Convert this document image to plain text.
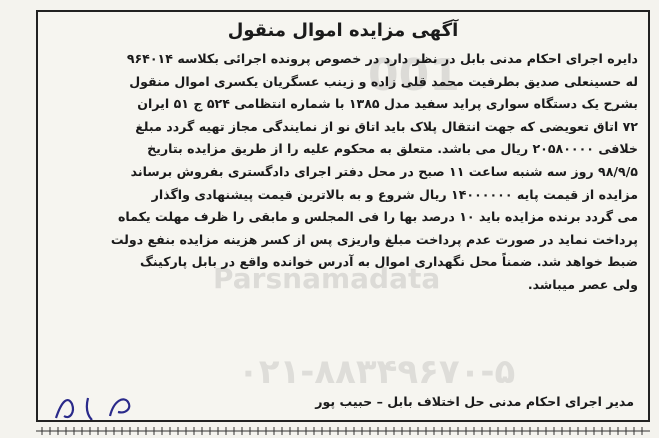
001
Parsnamadata
۰۲۱-۸۸۳۴۹۶۷۰-۵
آگهی مزایده اموال منقول
دایره اجرای احکام مدنی بابل در نظر دارد در خصوص پرونده اجرائی بکلاسه ۹۶۴۰۱۴
له حسینعلی صدیق بطرفیت محمد قلی زاده و زینب عسگریان یکسری اموال منقول
بشرح یک دستگاه سواری پراید سفید مدل ۱۳۸۵ با شماره انتظامی ۵۲۴ ج ۵۱ ایران
۷۲ اتاق تعویضی که جهت انتقال پلاک باید اتاق نو از نمایندگی مجاز تهیه گردد مبلغ
خلافی ۲۰۵۸۰۰۰۰ ریال می باشد. متعلق به محکوم علیه را از طریق مزایده بتاریخ
۹۸/۹/۵ روز سه شنبه ساعت ۱۱ صبح در محل دفتر اجرای دادگستری بفروش برساند
مزایده از قیمت پایه ۱۴۰۰۰۰۰۰ ریال شروع و به بالاترین قیمت پیشنهادی واگذار
می گردد برنده مزایده باید ۱۰ درصد بها را فی المجلس و مابقی را ظرف مهلت یکماه
پرداخت نماید در صورت عدم پرداخت مبلغ واریزی پس از کسر هزینه مزایده بنفع دولت
ضبط خواهد شد. ضمناً محل نگهداری اموال به آدرس خوانده واقع در بابل پارکینگ
ولی عصر میباشد.
مدیر اجرای احکام مدنی حل اختلاف بابل – حبیب پور
